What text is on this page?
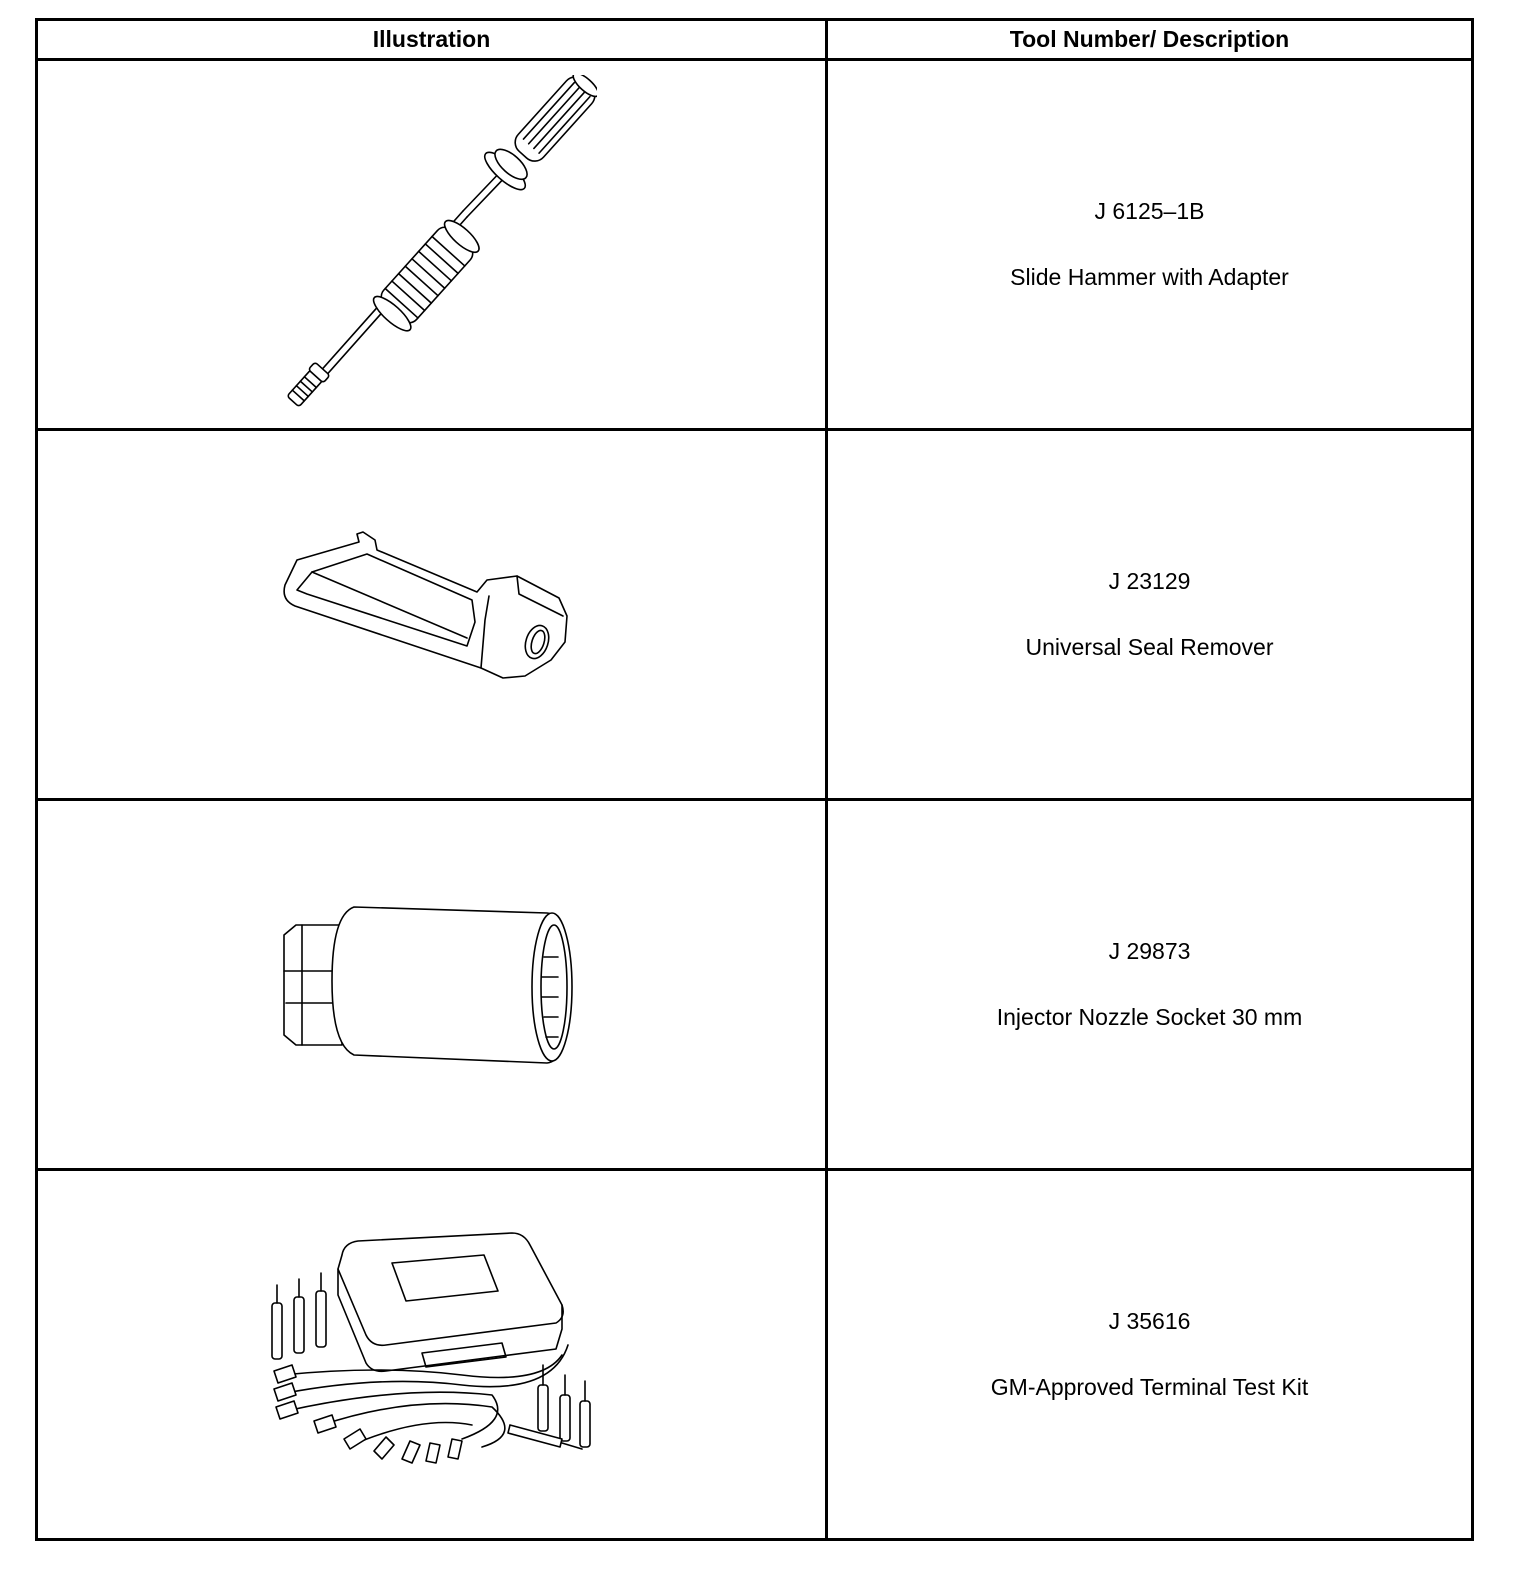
Illustration	Tool Number/ Description

J 6125–1B
Slide Hammer with Adapter

J 23129
Universal Seal Remover

J 29873
Injector Nozzle Socket 30 mm

J 35616
GM-Approved Terminal Test Kit
